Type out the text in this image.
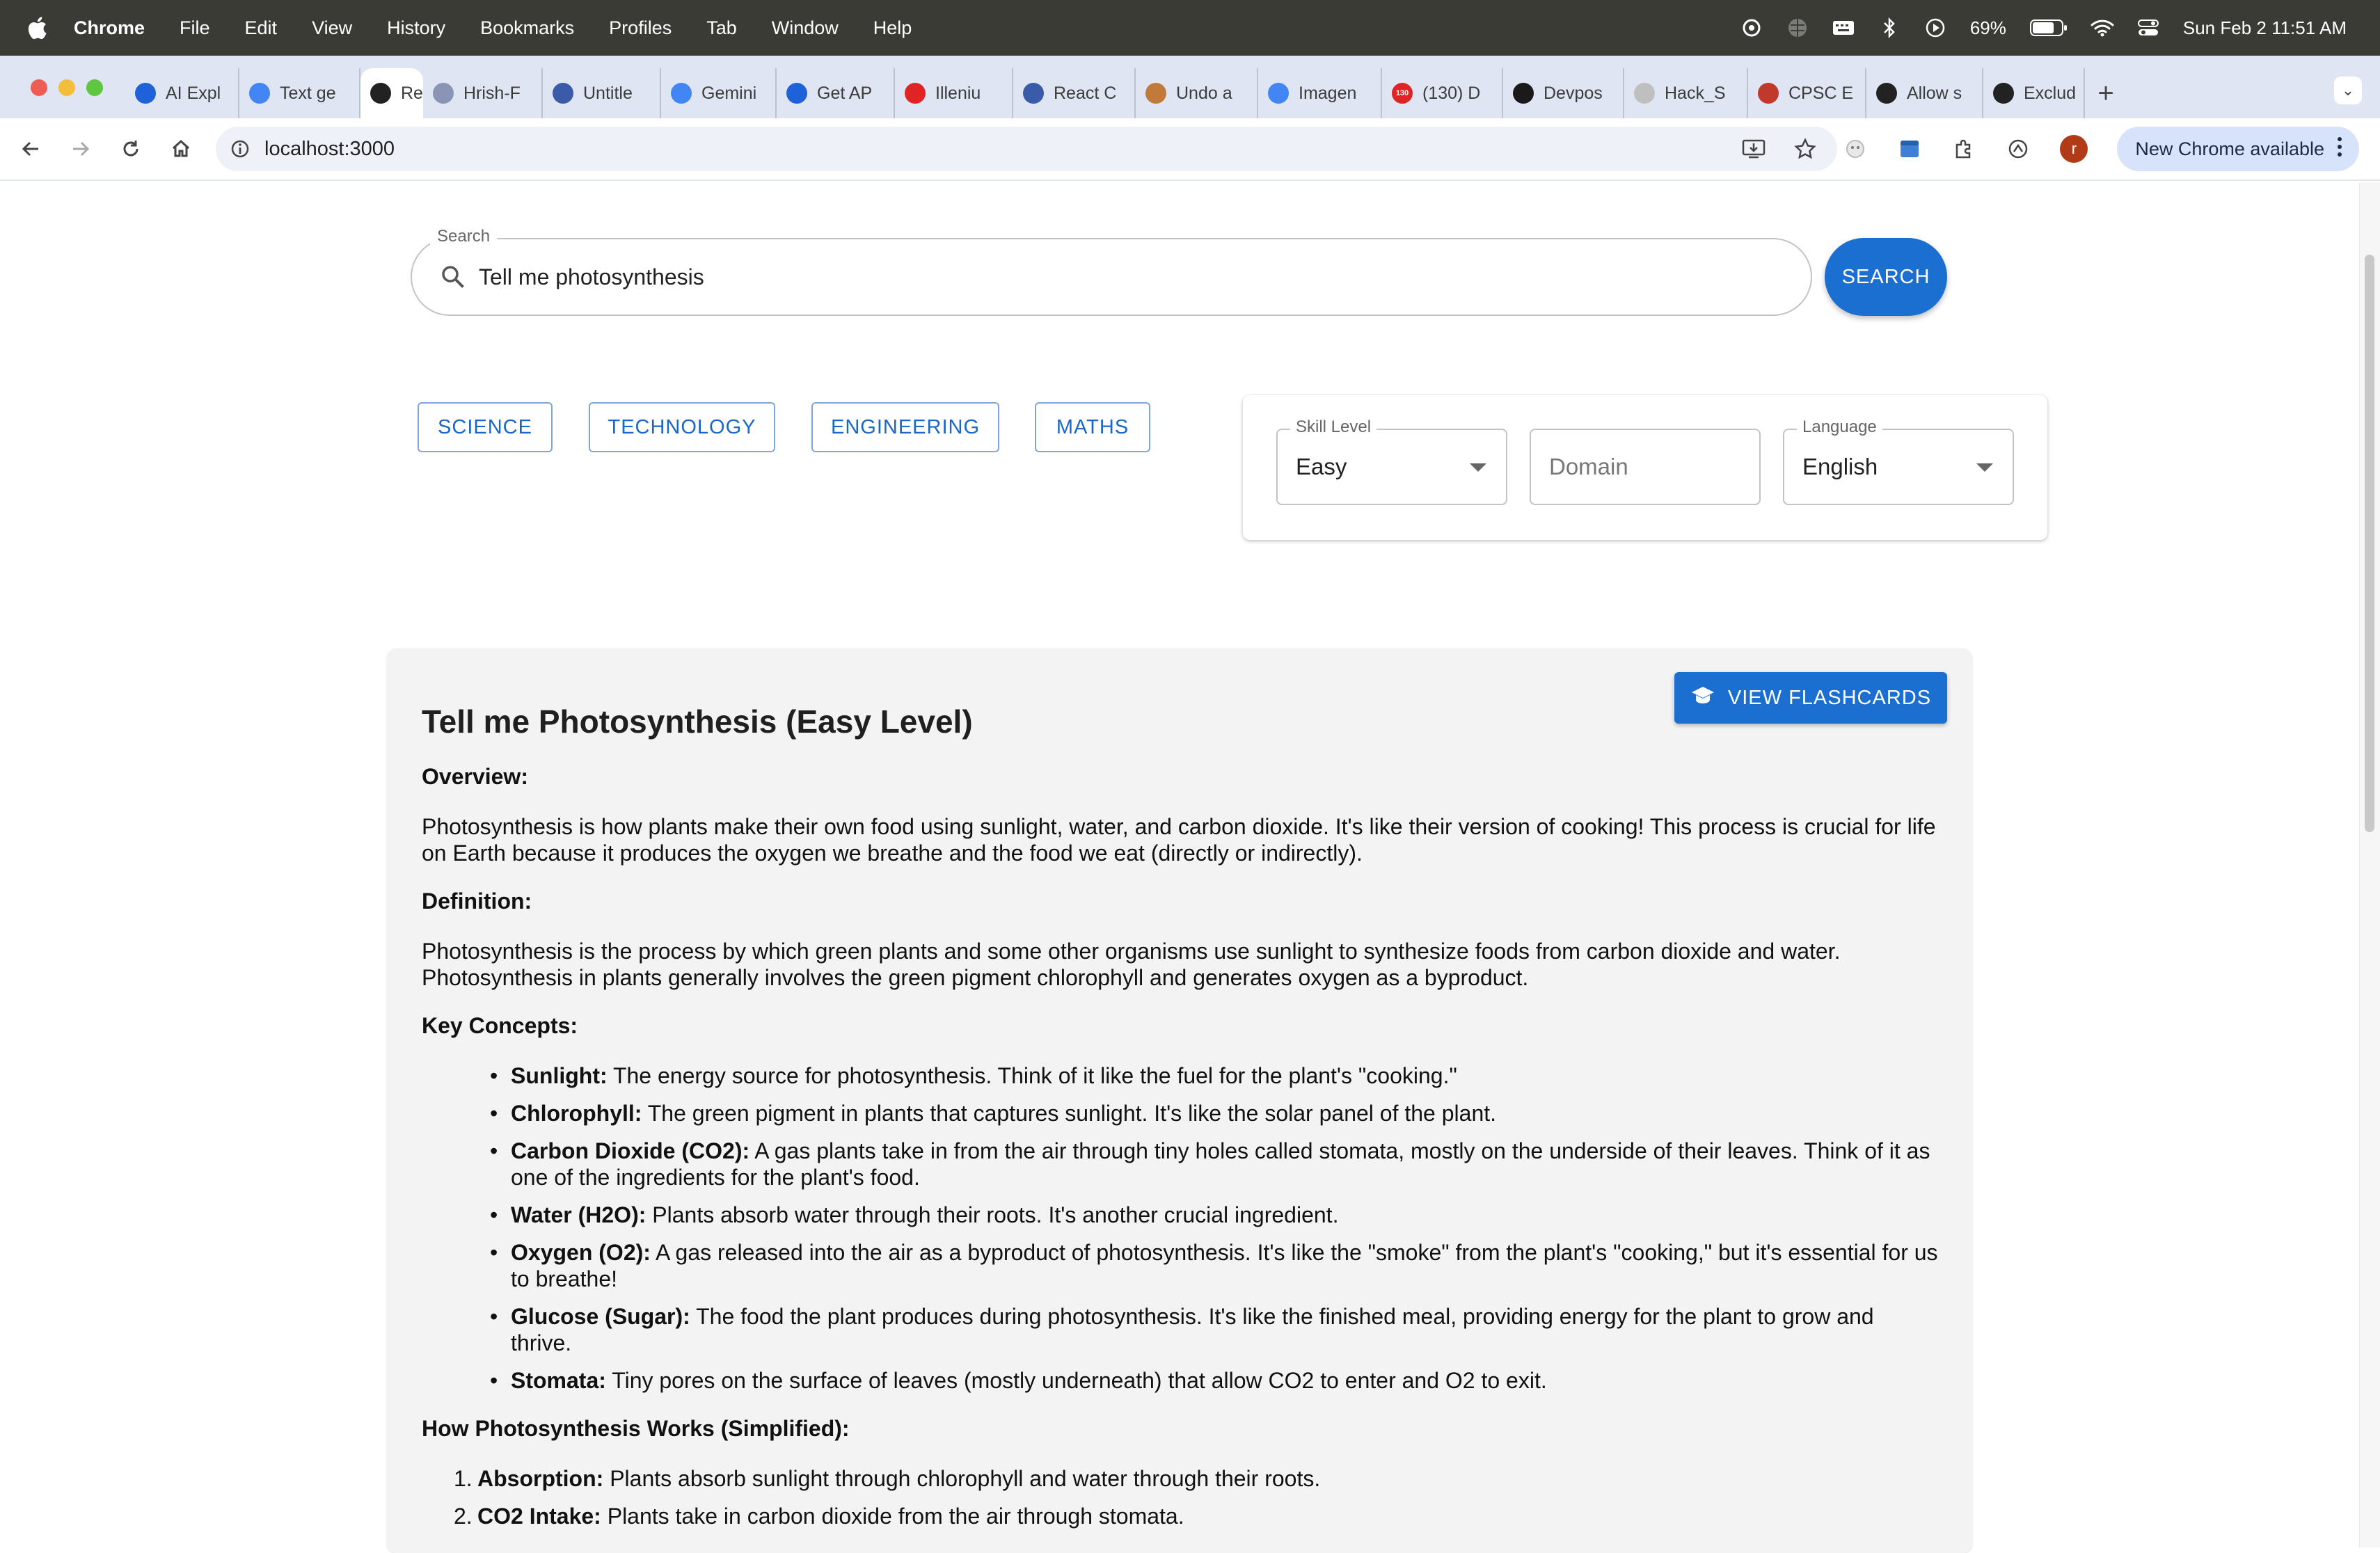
Chrome File Edit View History Bookmarks Profiles Tab Window Help	69%	Sun Feb 2 11:51 AM
AI Expl	Text ge	Re Hrish-F	Untitle	Gemini	Get AP	Illeniu	React C	Undo a	Imagen	130 (130) D	Devpos	Hack_S	CPSC E	Allow s	Exclud +	⌄
localhost:3000	r	New Chrome available
Search
Tell me photosynthesis
SEARCH
SCIENCE	TECHNOLOGY	ENGINEERING	MATHS	Skill Level
Easy	Domain
Language
English
VIEW FLASHCARDS
Tell me Photosynthesis (Easy Level)
Overview:

Photosynthesis is how plants make their own food using sunlight, water, and carbon dioxide. It's like their version of cooking! This process is crucial for life on Earth because it produces the oxygen we breathe and the food we eat (directly or indirectly).

Definition:

Photosynthesis is the process by which green plants and some other organisms use sunlight to synthesize foods from carbon dioxide and water. Photosynthesis in plants generally involves the green pigment chlorophyll and generates oxygen as a byproduct.

Key Concepts:
• Sunlight: The energy source for photosynthesis. Think of it like the fuel for the plant's "cooking."
• Chlorophyll: The green pigment in plants that captures sunlight. It's like the solar panel of the plant.
• Carbon Dioxide (CO2): A gas plants take in from the air through tiny holes called stomata, mostly on the underside of their leaves. Think of it as one of the ingredients for the plant's food.
• Water (H2O): Plants absorb water through their roots. It's another crucial ingredient.
• Oxygen (O2): A gas released into the air as a byproduct of photosynthesis. It's like the "smoke" from the plant's "cooking," but it's essential for us to breathe!
• Glucose (Sugar): The food the plant produces during photosynthesis. It's like the finished meal, providing energy for the plant to grow and thrive.
• Stomata: Tiny pores on the surface of leaves (mostly underneath) that allow CO2 to enter and O2 to exit.
How Photosynthesis Works (Simplified):
1. Absorption: Plants absorb sunlight through chlorophyll and water through their roots.
2. CO2 Intake: Plants take in carbon dioxide from the air through stomata.
